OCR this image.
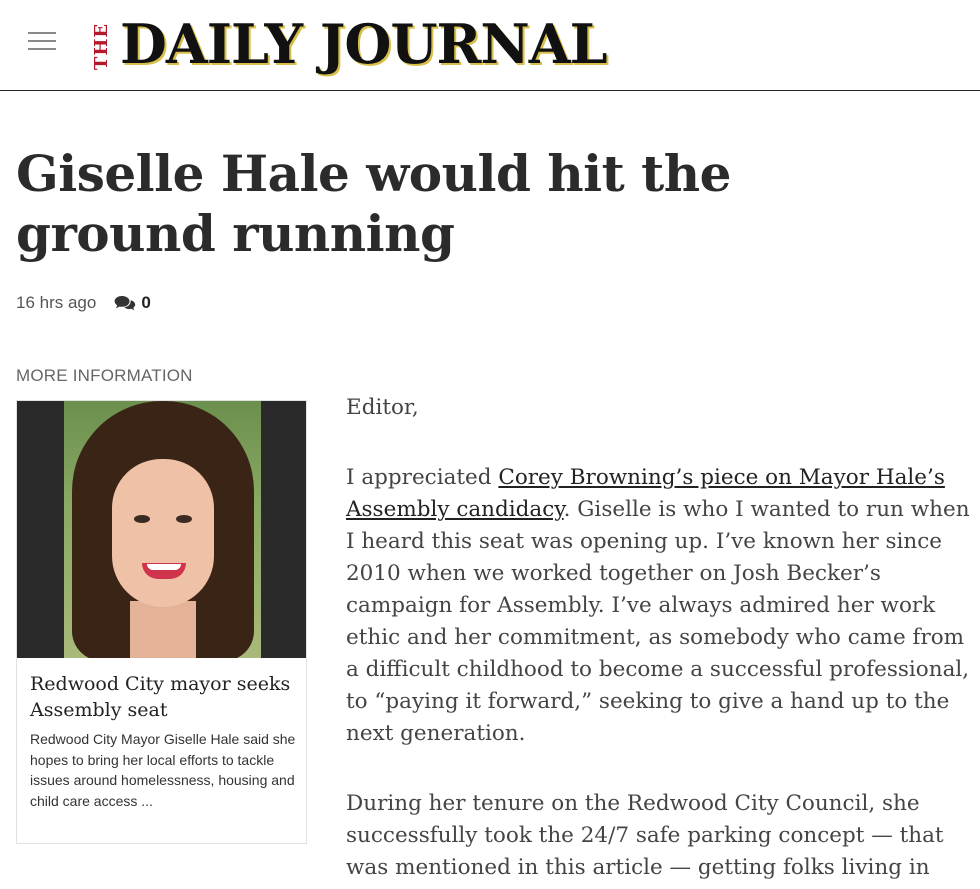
THE DAILY JOURNAL
Giselle Hale would hit the ground running
16 hrs ago	0
MORE INFORMATION
Redwood City mayor seeks Assembly seat
Redwood City Mayor Giselle Hale said she hopes to bring her local efforts to tackle issues around homelessness, housing and child care access ...

Editor,

I appreciated Corey Browning’s piece on Mayor Hale’s Assembly candidacy. Giselle is who I wanted to run when I heard this seat was opening up. I’ve known her since 2010 when we worked together on Josh Becker’s campaign for Assembly. I’ve always admired her work ethic and her commitment, as somebody who came from a difficult childhood to become a successful professional, to “paying it forward,” seeking to give a hand up to the next generation.

During her tenure on the Redwood City Council, she successfully took the 24/7 safe parking concept — that was mentioned in this article — getting folks living in
